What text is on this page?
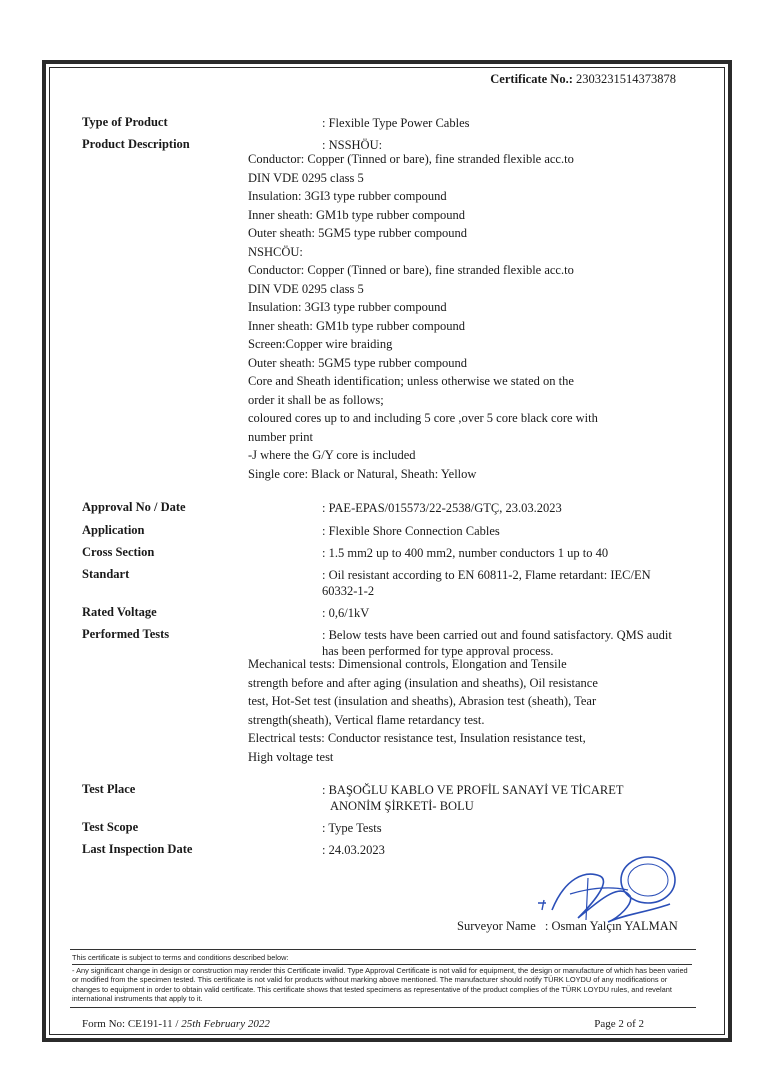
Certificate No.: 2303231514373878
Type of Product	: Flexible Type Power Cables
Product Description	: NSSHÖU:
Conductor: Copper (Tinned or bare), fine stranded flexible acc.to
DIN VDE 0295 class 5
Insulation: 3GI3 type rubber compound
Inner sheath: GM1b type rubber compound
Outer sheath: 5GM5 type rubber compound
NSHCÖU:
Conductor: Copper (Tinned or bare), fine stranded flexible acc.to
DIN VDE 0295 class 5
Insulation: 3GI3 type rubber compound
Inner sheath: GM1b type rubber compound
Screen:Copper wire braiding
Outer sheath: 5GM5 type rubber compound
Core and Sheath identification; unless otherwise we stated on the
order it shall be as follows;
coloured cores up to and including 5 core ,over 5 core black core with
number print
-J where the G/Y core is included
Single core: Black or Natural, Sheath: Yellow
Approval No / Date	: PAE-EPAS/015573/22-2538/GTÇ, 23.03.2023
Application	: Flexible Shore Connection Cables
Cross Section	: 1.5 mm2 up to 400 mm2, number conductors 1 up to 40
Standart	: Oil resistant according to EN 60811-2, Flame retardant: IEC/EN 60332-1-2
Rated Voltage	: 0,6/1kV
Performed Tests	: Below tests have been carried out and found satisfactory. QMS audit has been performed for type approval process.
Mechanical tests: Dimensional controls, Elongation and Tensile
strength before and after aging (insulation and sheaths), Oil resistance
test, Hot-Set test (insulation and sheaths), Abrasion test (sheath), Tear
strength(sheath), Vertical flame retardancy test.
Electrical tests: Conductor resistance test, Insulation resistance test,
High voltage test
Test Place	: BAŞOĞLU KABLO VE PROFİL SANAYİ VE TİCARET
ANONİM ŞİRKETİ- BOLU
Test Scope	: Type Tests
Last Inspection Date	: 24.03.2023
Surveyor Name : Osman Yalçın YALMAN
This certificate is subject to terms and conditions described below:
- Any significant change in design or construction may render this Certificate invalid. Type Approval Certificate is not valid for equipment, the design or manufacture of which has been varied or modified from the specimen tested. This certificate is not valid for products without marking above mentioned. The manufacturer should notify TÜRK LOYDU of any modifications or changes to equipment in order to obtain valid certificate. This certificate shows that tested specimens as representative of the product complies of the TÜRK LOYDU rules, and revelant international instruments that apply to it.
Form No: CE191-11 / 25th February 2022	Page 2 of 2
